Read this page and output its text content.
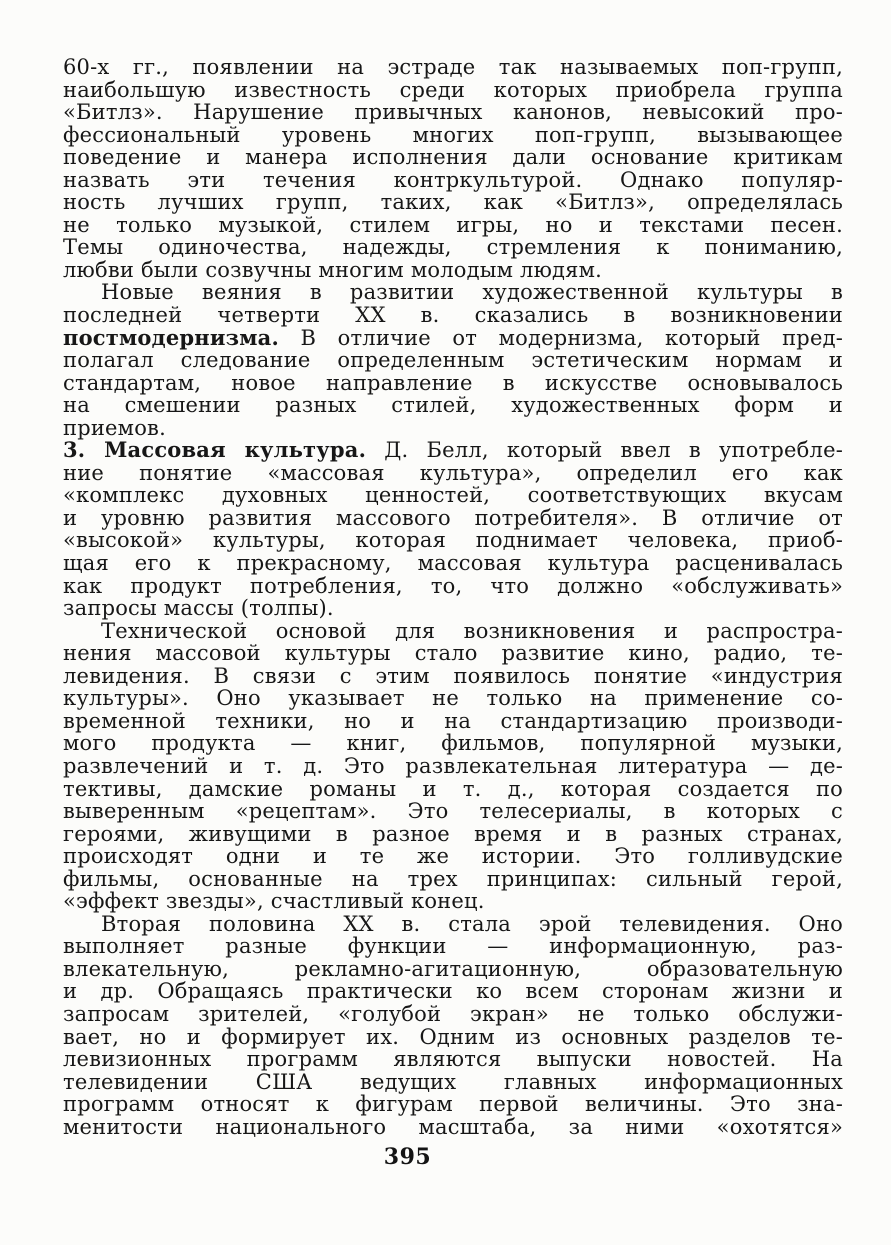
60-х гг., появлении на эстраде так называемых поп-групп,
наибольшую известность среди которых приобрела группа
«Битлз». Нарушение привычных канонов, невысокий про-
фессиональный уровень многих поп-групп, вызывающее
поведение и манера исполнения дали основание критикам
назвать эти течения контркультурой. Однако популяр-
ность лучших групп, таких, как «Битлз», определялась
не только музыкой, стилем игры, но и текстами песен.
Темы одиночества, надежды, стремления к пониманию,
любви были созвучны многим молодым людям.
Новые веяния в развитии художественной культуры в
последней четверти XX в. сказались в возникновении
постмодернизма. В отличие от модернизма, который пред-
полагал следование определенным эстетическим нормам и
стандартам, новое направление в искусстве основывалось
на смешении разных стилей, художественных форм и
приемов.
3. Массовая культура. Д. Белл, который ввел в употребле-
ние понятие «массовая культура», определил его как
«комплекс духовных ценностей, соответствующих вкусам
и уровню развития массового потребителя». В отличие от
«высокой» культуры, которая поднимает человека, приоб-
щая его к прекрасному, массовая культура расценивалась
как продукт потребления, то, что должно «обслуживать»
запросы массы (толпы).
Технической основой для возникновения и распростра-
нения массовой культуры стало развитие кино, радио, те-
левидения. В связи с этим появилось понятие «индустрия
культуры». Оно указывает не только на применение со-
временной техники, но и на стандартизацию производи-
мого продукта — книг, фильмов, популярной музыки,
развлечений и т. д. Это развлекательная литература — де-
тективы, дамские романы и т. д., которая создается по
выверенным «рецептам». Это телесериалы, в которых с
героями, живущими в разное время и в разных странах,
происходят одни и те же истории. Это голливудские
фильмы, основанные на трех принципах: сильный герой,
«эффект звезды», счастливый конец.
Вторая половина XX в. стала эрой телевидения. Оно
выполняет разные функции — информационную, раз-
влекательную, рекламно-агитационную, образовательную
и др. Обращаясь практически ко всем сторонам жизни и
запросам зрителей, «голубой экран» не только обслужи-
вает, но и формирует их. Одним из основных разделов те-
левизионных программ являются выпуски новостей. На
телевидении США ведущих главных информационных
программ относят к фигурам первой величины. Это зна-
менитости национального масштаба, за ними «охотятся»
395
